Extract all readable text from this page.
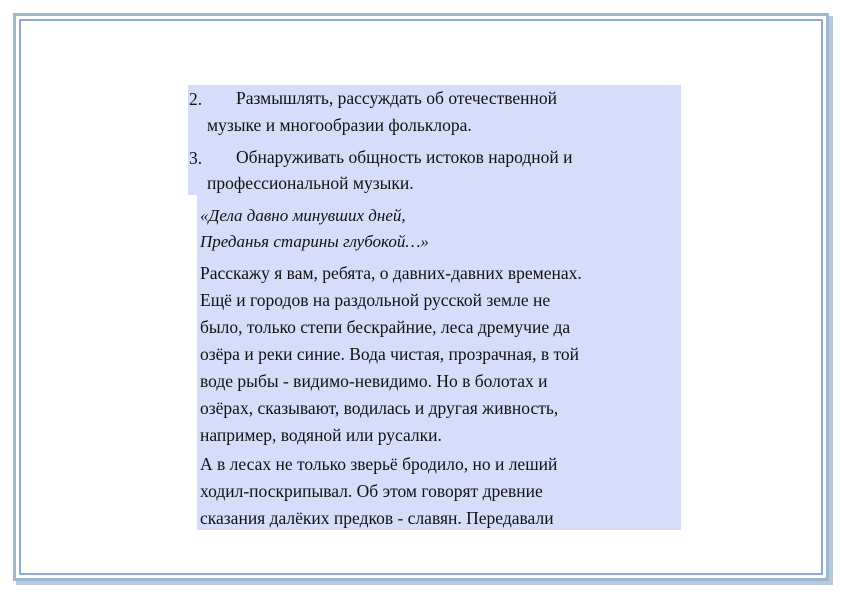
2. Размышлять, рассуждать об отечественной
музыке и многообразии фольклора.
3. Обнаруживать общность истоков народной и
профессиональной музыки.
«Дела давно минувших дней,
Преданья старины глубокой…»
Расскажу я вам, ребята, о давних-давних временах.
Ещё и городов на раздольной русской земле не
было, только степи бескрайние, леса дремучие да
озёра и реки синие. Вода чистая, прозрачная, в той
воде рыбы - видимо-невидимо. Но в болотах и
озёрах, сказывают, водилась и другая живность,
например, водяной или русалки.
А в лесах не только зверьё бродило, но и леший
ходил-поскрипывал. Об этом говорят древние
сказания далёких предков - славян. Передавали
